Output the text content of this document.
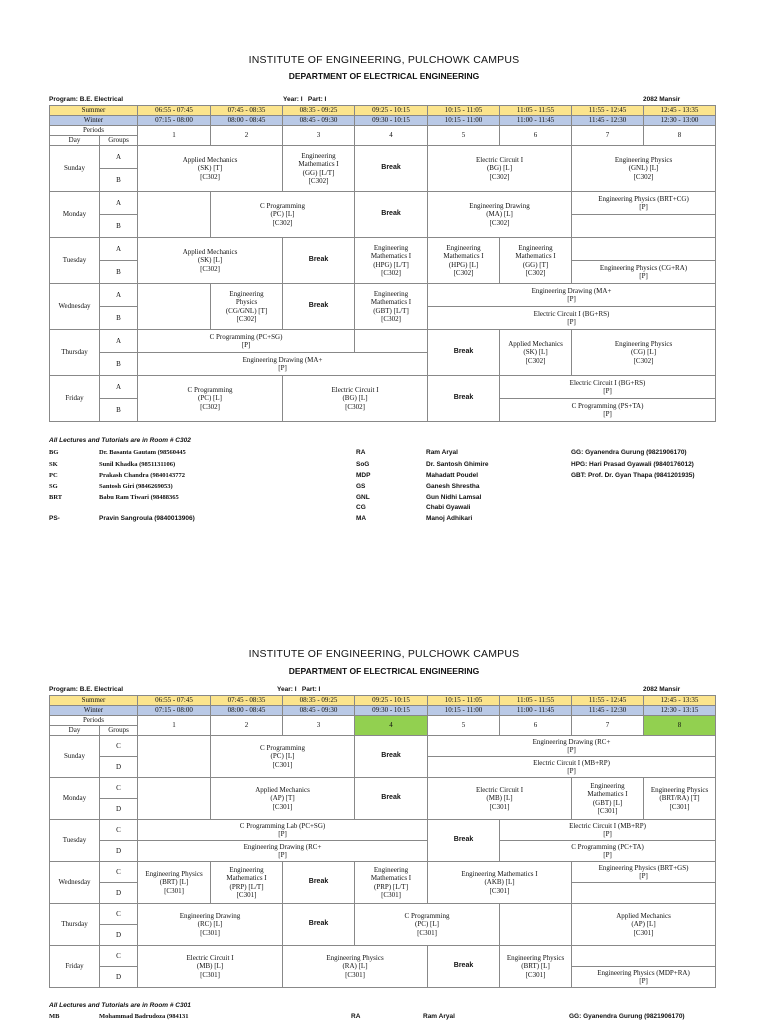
INSTITUTE OF ENGINEERING, PULCHOWK CAMPUS
DEPARTMENT OF ELECTRICAL ENGINEERING
Program: B.E. Electrical	Year: I   Part: I	2082 Mansir
Summer		06:55 - 07:45	07:45 - 08:35	08:35 - 09:25	09:25 - 10:15	10:15 - 11:05	11:05 - 11:55	11:55 - 12:45	12:45 - 13:35
Winter		07:15 - 08:00	08:00 - 08:45	08:45 - 09:30	09:30 - 10:15	10:15 - 11:00	11:00 - 11:45	11:45 - 12:30	12:30 - 13:00
Periods		1	2	3	4	5	6	7	8
Day	Groups								
Sunday	A	Applied Mechanics
(SK) [T]
[C302]		Engineering
Mathematics I
(GG) [L/T]
[C302]	Break	Electric Circuit I
(BG) [L]
[C302]		Engineering Physics
(GNL) [L]
[C302]	
	B								
Monday	A		C Programming
(PC) [L]
[C302]		Break	Engineering Drawing
(MA) [L]
[C302]		Engineering Physics (BRT+CG)
[P]	
	B								
Tuesday	A	Applied Mechanics
(SK) [L]
[C302]		Break	Engineering
Mathematics I
(HPG) [L/T]
[C302]	Engineering
Mathematics I
(HPG) [L]
[C302]	Engineering
Mathematics I
(GG) [T]
[C302]		
	B							Engineering Physics (CG+RA)
[P]	
Wednesday	A		Engineering
Physics
(CG/GNL) [T]
[C302]	Break	Engineering
Mathematics I
(GBT) [L/T]
[C302]	Engineering Drawing (MA+
[P]			
	B					Electric Circuit I (BG+RS)
[P]			
Thursday	A	C Programming (PC+SG)
[P]				Break	Applied Mechanics
(SK) [L]
[C302]	Engineering Physics
(CG) [L]
[C302]	
	B	Engineering Drawing (MA+
[P]							
Friday	A	C Programming
(PC) [L]
[C302]		Electric Circuit I
(BG) [L]
[C302]		Break	Electric Circuit I (BG+RS)
[P]		
	B						C Programming (PS+TA)
[P]		
All Lectures and Tutorials are in Room # C302
BG	Dr. Basanta Gautam (98560445
SK	Sunil Khadka (9851131106)
PC	Prakash Chandra (9840143772
SG	Santosh Giri (9846269053)
BRT	Babu Ram Tiwari (98488365
PS-	Pravin Sangroula (9840013906)
RA	Ram Aryal
SoG	Dr. Santosh Ghimire
MDP	Mahadatt Poudel
GS	Ganesh Shrestha
GNL	Gun Nidhi Lamsal
CG	Chabi Gyawali
MA	Manoj Adhikari
GG: Gyanendra Gurung (9821906170)
HPG: Hari Prasad Gyawali (9840176012)
GBT: Prof. Dr. Gyan Thapa (9841201935)
INSTITUTE OF ENGINEERING, PULCHOWK CAMPUS
DEPARTMENT OF ELECTRICAL ENGINEERING
Program: B.E. Electrical	Year: I   Part: I	2082 Mansir
Summer		06:55 - 07:45	07:45 - 08:35	08:35 - 09:25	09:25 - 10:15	10:15 - 11:05	11:05 - 11:55	11:55 - 12:45	12:45 - 13:35
Winter		07:15 - 08:00	08:00 - 08:45	08:45 - 09:30	09:30 - 10:15	10:15 - 11:00	11:00 - 11:45	11:45 - 12:30	12:30 - 13:15
Periods		1	2	3	4	5	6	7	8
Day	Groups								
Sunday	C		C Programming
(PC) [L]
[C301]		Break	Engineering Drawing (RC+
[P]			
	D					Electric Circuit I (MB+RP)
[P]			
Monday	C		Applied Mechanics
(AP) [T]
[C301]		Break	Electric Circuit I
(MB) [L]
[C301]		Engineering
Mathematics I
(GBT) [L]
[C301]	Engineering Physics
(BRT/RA) [T]
[C301]
	D								
Tuesday	C	C Programming Lab (PC+SG)
[P]				Break	Electric Circuit I (MB+RP)
[P]		
	D	Engineering Drawing (RC+
[P]					C Programming (PC+TA)
[P]		
Wednesday	C	Engineering Physics
(BRT) [L]
[C301]	Engineering
Mathematics I
(PRP) [L/T]
[C301]	Break	Engineering
Mathematics I
(PRP) [L/T]
[C301]	Engineering Mathematics I
(AKB) [L]
[C301]		Engineering Physics (BRT+GS)
[P]	
	D								
Thursday	C	Engineering Drawing
(RC) [L]
[C301]		Break	C Programming
(PC) [L]
[C301]			Applied Mechanics
(AP) [L]
[C301]	
	D								
Friday	C	Electric Circuit I
(MB) [L]
[C301]		Engineering Physics
(RA) [L]
[C301]		Break	Engineering Physics
(BRT) [L]
[C301]		
	D							Engineering Physics (MDP+RA)
[P]	
All Lectures and Tutorials are in Room # C301
MB	Mohammad Badrudoza (984131	RA	Ram Aryal	GG: Gyanendra Gurung (9821906170)
